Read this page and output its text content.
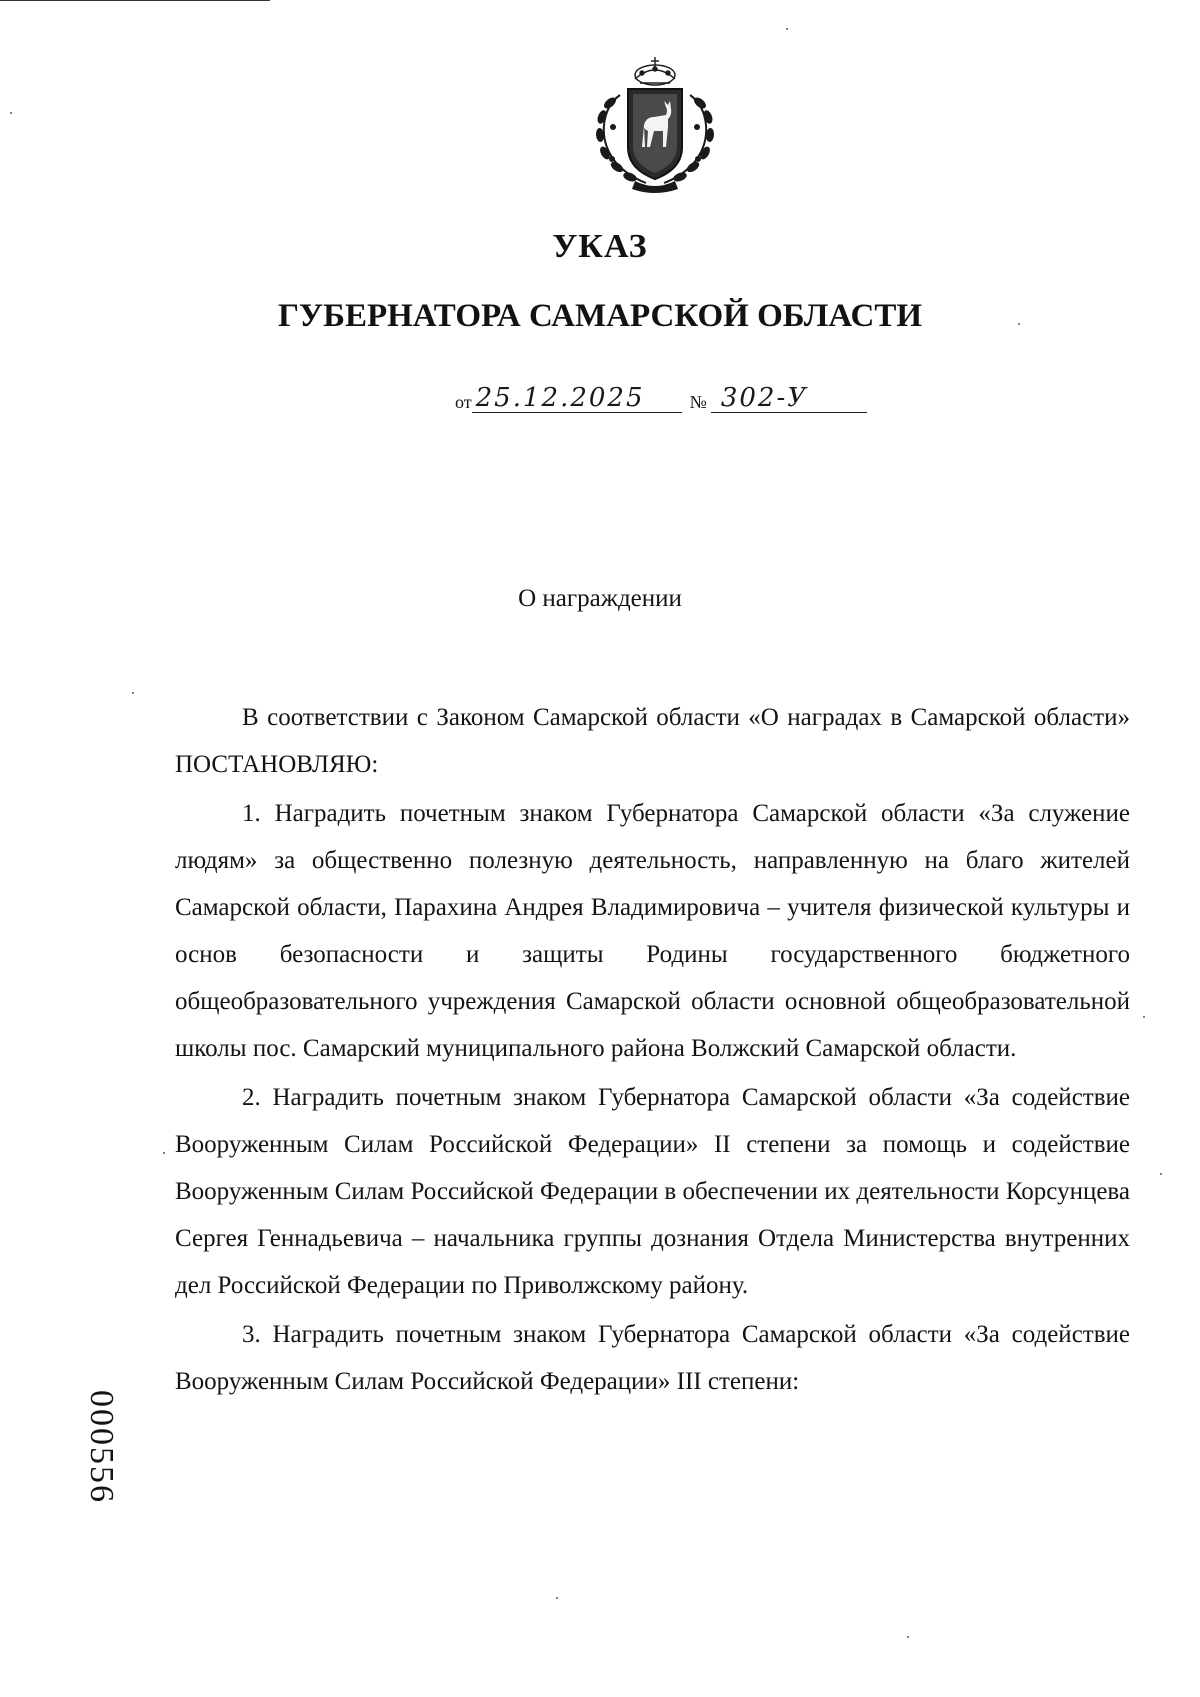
УКАЗ
ГУБЕРНАТОРА САМАРСКОЙ ОБЛАСТИ
от 25.12.2025	№ 302-У
О награждении

В соответствии с Законом Самарской области «О наградах в Самарской области» ПОСТАНОВЛЯЮ:

1. Наградить почетным знаком Губернатора Самарской области «За служение людям» за общественно полезную деятельность, направленную на благо жителей Самарской области, Парахина Андрея Владимировича – учителя физической культуры и основ безопасности и защиты Родины государственного бюджетного общеобразовательного учреждения Самарской области основной общеобразовательной школы пос. Самарский муниципального района Волжский Самарской области.

2. Наградить почетным знаком Губернатора Самарской области «За содействие Вооруженным Силам Российской Федерации» II степени за помощь и содействие Вооруженным Силам Российской Федерации в обеспечении их деятельности Корсунцева Сергея Геннадьевича – начальника группы дознания Отдела Министерства внутренних дел Российской Федерации по Приволжскому району.

3. Наградить почетным знаком Губернатора Самарской области «За содействие Вооруженным Силам Российской Федерации» III степени:

000556
